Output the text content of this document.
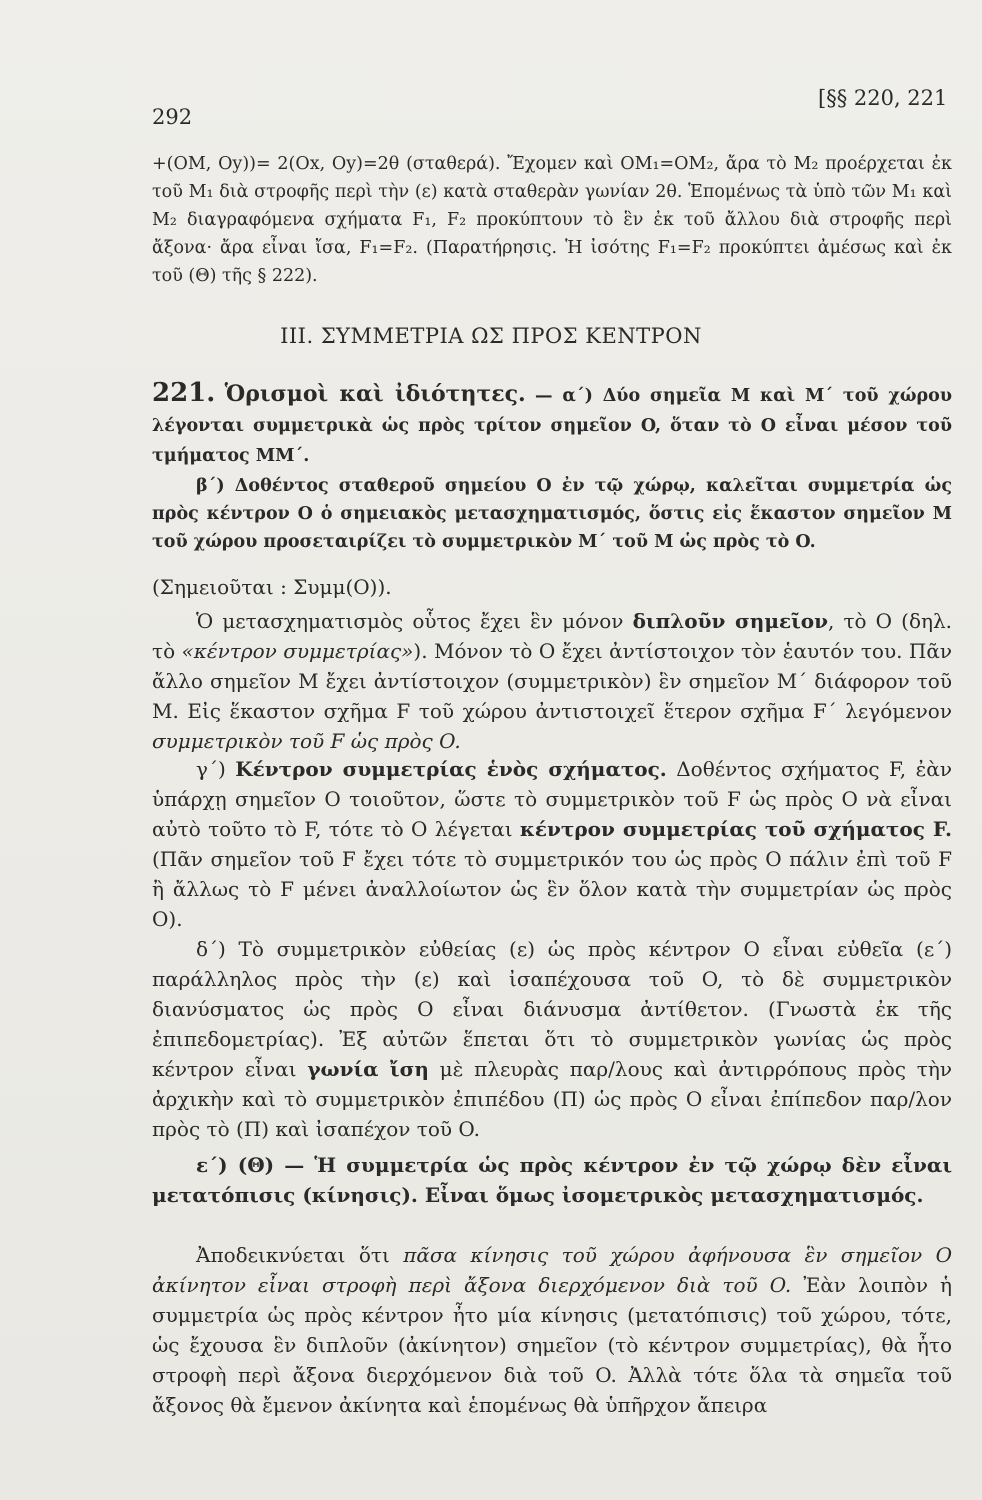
292
[§§ 220, 221
+(OM, Oy))= 2(Ox, Oy)=2θ (σταθερά). Ἔχομεν καὶ OM₁=OM₂, ἄρα τὸ M₂ προέρχεται ἐκ τοῦ M₁ διὰ στροφῆς περὶ τὴν (ε) κατὰ σταθερὰν γωνίαν 2θ. Ἑπομένως τὰ ὑπὸ τῶν M₁ καὶ M₂ διαγραφόμενα σχήματα F₁, F₂ προκύπτουν τὸ ἓν ἐκ τοῦ ἄλλου διὰ στροφῆς περὶ ἄξονα· ἄρα εἶναι ἴσα, F₁=F₂. (Παρατήρησις. Ἡ ἰσότης F₁=F₂ προκύπτει ἀμέσως καὶ ἐκ τοῦ (Θ) τῆς § 222).
III. ΣΥΜΜΕΤΡΙΑ ΩΣ ΠΡΟΣ ΚΕΝΤΡΟΝ
221. Ὁρισμοὶ καὶ ἰδιότητες. — α΄) Δύο σημεῖα M καὶ M΄ τοῦ χώρου λέγονται συμμετρικὰ ὡς πρὸς τρίτον σημεῖον O, ὅταν τὸ O εἶναι μέσον τοῦ τμήματος MM΄.
β΄) Δοθέντος σταθεροῦ σημείου O ἐν τῷ χώρῳ, καλεῖται συμμετρία ὡς πρὸς κέντρον O ὁ σημειακὸς μετασχηματισμός, ὅστις εἰς ἕκαστον σημεῖον M τοῦ χώρου προσεταιρίζει τὸ συμμετρικὸν M΄ τοῦ M ὡς πρὸς τὸ O.
(Σημειοῦται : Συμμ(O)).
Ὁ μετασχηματισμὸς οὗτος ἔχει ἓν μόνον διπλοῦν σημεῖον, τὸ O (δηλ. τὸ «κέντρον συμμετρίας»). Μόνον τὸ O ἔχει ἀντίστοιχον τὸν ἑαυτόν του. Πᾶν ἄλλο σημεῖον M ἔχει ἀντίστοιχον (συμμετρικὸν) ἓν σημεῖον M΄ διάφορον τοῦ M. Εἰς ἕκαστον σχῆμα F τοῦ χώρου ἀντιστοιχεῖ ἕτερον σχῆμα F΄ λεγόμενον συμμετρικὸν τοῦ F ὡς πρὸς O.
γ΄) Κέντρον συμμετρίας ἑνὸς σχήματος. Δοθέντος σχήματος F, ἐὰν ὑπάρχῃ σημεῖον O τοιοῦτον, ὥστε τὸ συμμετρικὸν τοῦ F ὡς πρὸς O νὰ εἶναι αὐτὸ τοῦτο τὸ F, τότε τὸ O λέγεται κέντρον συμμετρίας τοῦ σχήματος F. (Πᾶν σημεῖον τοῦ F ἔχει τότε τὸ συμμετρικόν του ὡς πρὸς O πάλιν ἐπὶ τοῦ F ἢ ἄλλως τὸ F μένει ἀναλλοίωτον ὡς ἓν ὅλον κατὰ τὴν συμμετρίαν ὡς πρὸς O).
δ΄) Τὸ συμμετρικὸν εὐθείας (ε) ὡς πρὸς κέντρον O εἶναι εὐθεῖα (ε΄) παράλληλος πρὸς τὴν (ε) καὶ ἰσαπέχουσα τοῦ O, τὸ δὲ συμμετρικὸν διανύσματος ὡς πρὸς O εἶναι διάνυσμα ἀντίθετον. (Γνωστὰ ἐκ τῆς ἐπιπεδομετρίας). Ἐξ αὐτῶν ἕπεται ὅτι τὸ συμμετρικὸν γωνίας ὡς πρὸς κέντρον εἶναι γωνία ἴση μὲ πλευρὰς παρ/λους καὶ ἀντιρρόπους πρὸς τὴν ἀρχικὴν καὶ τὸ συμμετρικὸν ἐπιπέδου (Π) ὡς πρὸς O εἶναι ἐπίπεδον παρ/λον πρὸς τὸ (Π) καὶ ἰσαπέχον τοῦ O.
ε΄) (Θ) — Ἡ συμμετρία ὡς πρὸς κέντρον ἐν τῷ χώρῳ δὲν εἶναι μετατόπισις (κίνησις). Εἶναι ὅμως ἰσομετρικὸς μετασχηματισμός.
Ἀποδεικνύεται ὅτι πᾶσα κίνησις τοῦ χώρου ἀφήνουσα ἓν σημεῖον O ἀκίνητον εἶναι στροφὴ περὶ ἄξονα διερχόμενον διὰ τοῦ O. Ἐὰν λοιπὸν ἡ συμμετρία ὡς πρὸς κέντρον ἦτο μία κίνησις (μετατόπισις) τοῦ χώρου, τότε, ὡς ἔχουσα ἓν διπλοῦν (ἀκίνητον) σημεῖον (τὸ κέντρον συμμετρίας), θὰ ἦτο στροφὴ περὶ ἄξονα διερχόμενον διὰ τοῦ O. Ἀλλὰ τότε ὅλα τὰ σημεῖα τοῦ ἄξονος θὰ ἔμενον ἀκίνητα καὶ ἑπομένως θὰ ὑπῆρχον ἄπειρα
